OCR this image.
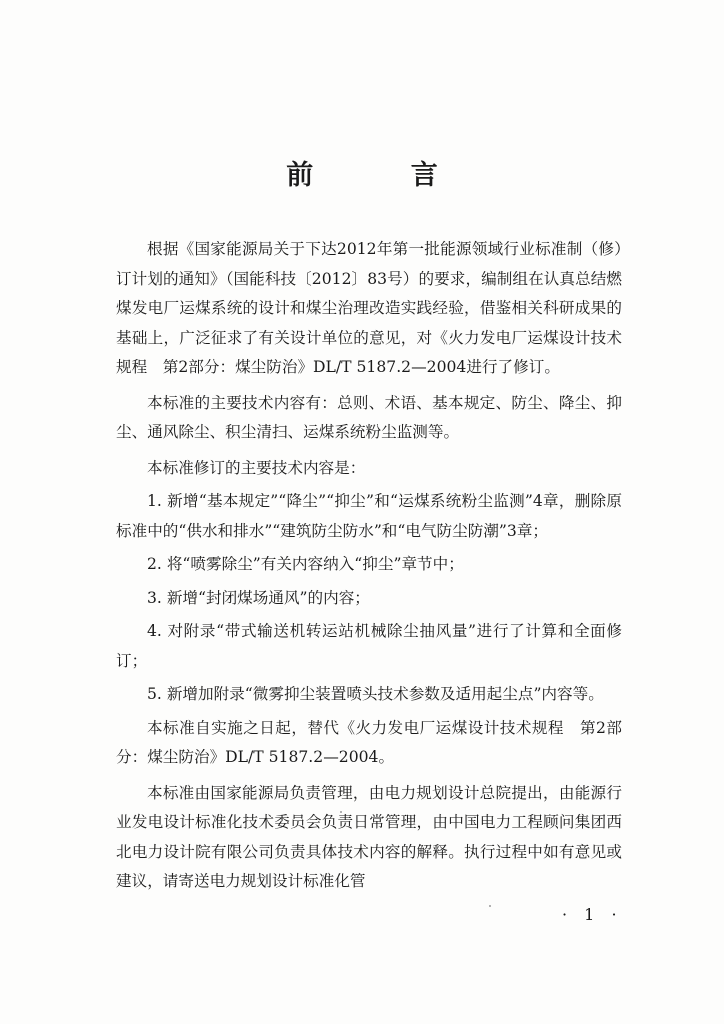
前 言

根据《国家能源局关于下达2012年第一批能源领域行业标准制（修）订计划的通知》（国能科技〔2012〕83号）的要求，编制组在认真总结燃煤发电厂运煤系统的设计和煤尘治理改造实践经验，借鉴相关科研成果的基础上，广泛征求了有关设计单位的意见，对《火力发电厂运煤设计技术规程　第2部分：煤尘防治》DL/T 5187.2—2004进行了修订。

本标准的主要技术内容有：总则、术语、基本规定、防尘、降尘、抑尘、通风除尘、积尘清扫、运煤系统粉尘监测等。

本标准修订的主要技术内容是：

1. 新增“基本规定”“降尘”“抑尘”和“运煤系统粉尘监测”4章，删除原标准中的“供水和排水”“建筑防尘防水”和“电气防尘防潮”3章；

2. 将“喷雾除尘”有关内容纳入“抑尘”章节中；

3. 新增“封闭煤场通风”的内容；

4. 对附录“带式输送机转运站机械除尘抽风量”进行了计算和全面修订；

5. 新增加附录“微雾抑尘装置喷头技术参数及适用起尘点”内容等。

本标准自实施之日起，替代《火力发电厂运煤设计技术规程　第2部分：煤尘防治》DL/T 5187.2—2004。

本标准由国家能源局负责管理，由电力规划设计总院提出，由能源行业发电设计标准化技术委员会负责日常管理，由中国电力工程顾问集团西北电力设计院有限公司负责具体技术内容的解释。执行过程中如有意见或建议，请寄送电力规划设计标准化管

· 1 ·
